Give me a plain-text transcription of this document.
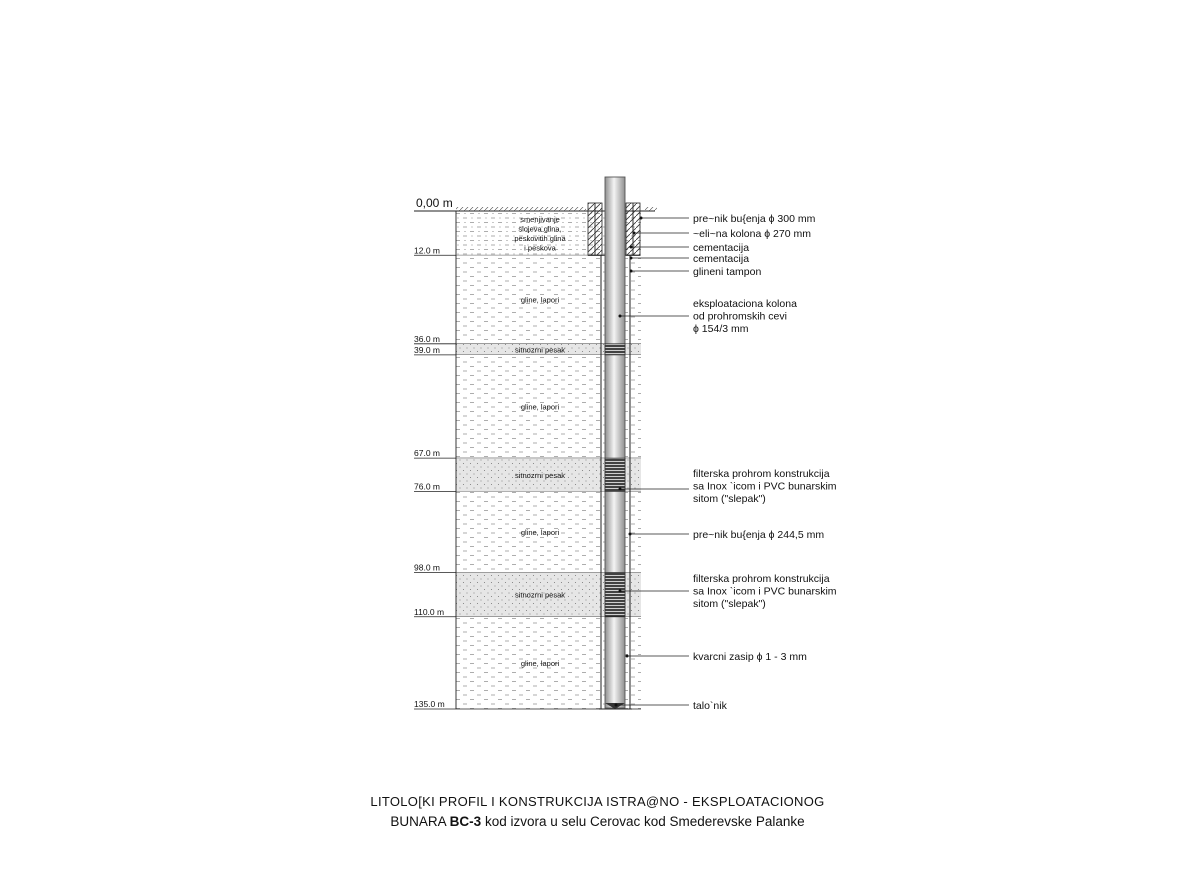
smenjivanje
slojeva glina,
peskovitih glina
i peskova
gline, lapori
sitnozrni pesak
gline, lapori
sitnozrni pesak
gline, lapori
sitnozrni pesak
gline, lapori
0,00 m
12.0 m
36.0 m
39.0 m
67.0 m
76.0 m
98.0 m
110.0 m
135.0 m
pre~nik bu{enja ϕ 300 mm
~eli~na kolona ϕ 270 mm
cementacija
cementacija
glineni tampon
eksploataciona kolona
od prohromskih cevi
ϕ 154/3 mm
filterska prohrom konstrukcija
sa Inox `icom i PVC bunarskim
sitom ("slepak")
pre~nik bu{enja ϕ 244,5 mm
filterska prohrom konstrukcija
sa Inox `icom i PVC bunarskim
sitom ("slepak")
kvarcni zasip ϕ 1 - 3 mm
talo`nik
LITOLO[KI PROFIL I KONSTRUKCIJA ISTRA@NO - EKSPLOATACIONOG
BUNARA BC-3 kod izvora u selu Cerovac kod Smederevske Palanke
